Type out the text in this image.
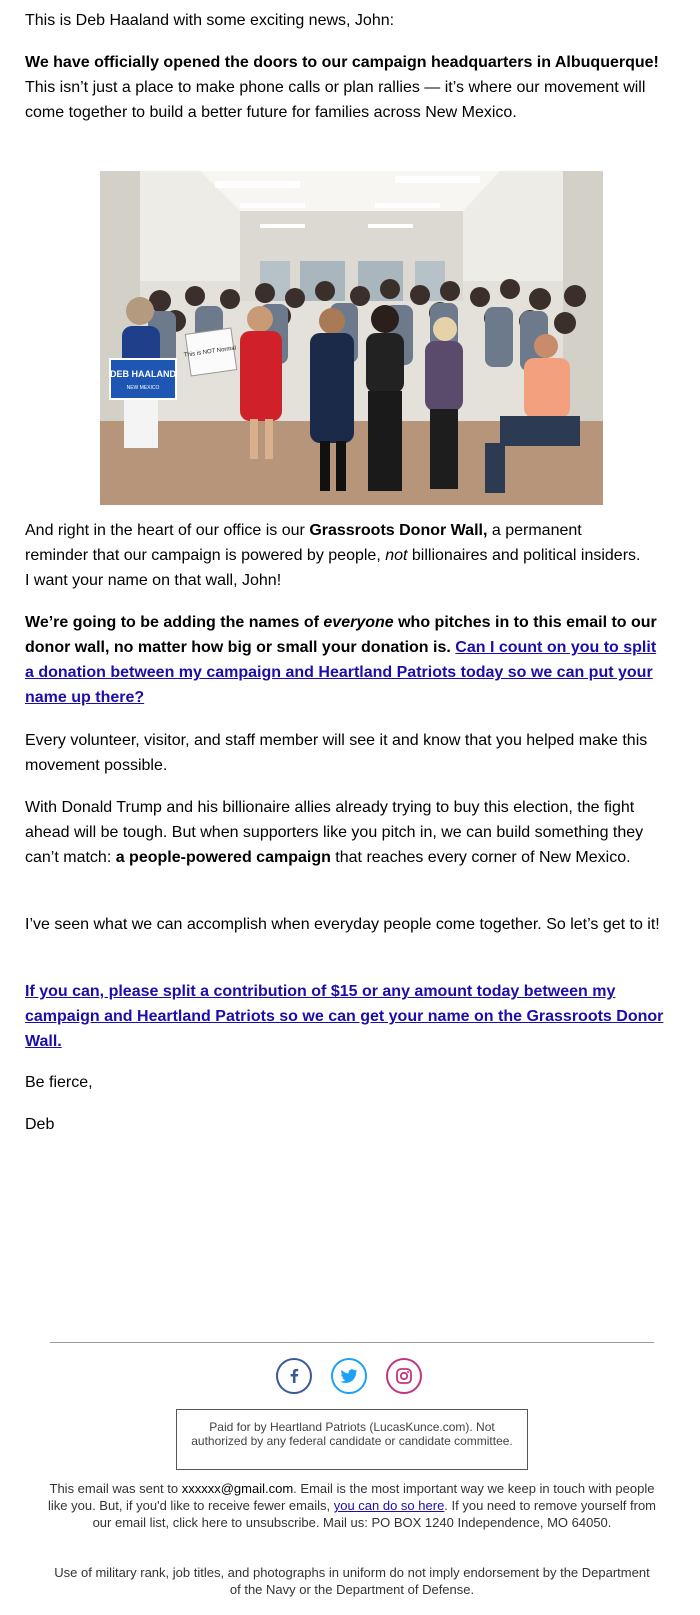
This is Deb Haaland with some exciting news, John:

We have officially opened the doors to our campaign headquarters in Albuquerque! This isn’t just a place to make phone calls or plan rallies — it’s where our movement will come together to build a better future for families across New Mexico.

And right in the heart of our office is our Grassroots Donor Wall, a permanent reminder that our campaign is powered by people, not billionaires and political insiders. I want your name on that wall, John!

We’re going to be adding the names of everyone who pitches in to this email to our donor wall, no matter how big or small your donation is. Can I count on you to split a donation between my campaign and Heartland Patriots today so we can put your name up there?

Every volunteer, visitor, and staff member will see it and know that you helped make this movement possible.

With Donald Trump and his billionaire allies already trying to buy this election, the fight ahead will be tough. But when supporters like you pitch in, we can build something they can’t match: a people-powered campaign that reaches every corner of New Mexico.

I’ve seen what we can accomplish when everyday people come together. So let’s get to it!

If you can, please split a contribution of $15 or any amount today between my campaign and Heartland Patriots so we can get your name on the Grassroots Donor Wall.

Be fierce,

Deb

DEB HAALAND
NEW MEXICO
This is NOT Normal
Paid for by Heartland Patriots (LucasKunce.com). Not authorized by any federal candidate or candidate committee.

This email was sent to xxxxxx@gmail.com. Email is the most important way we keep in touch with people like you. But, if you'd like to receive fewer emails, you can do so here. If you need to remove yourself from our email list, click here to unsubscribe. Mail us: PO BOX 1240 Independence, MO 64050.

Use of military rank, job titles, and photographs in uniform do not imply endorsement by the Department of the Navy or the Department of Defense.
